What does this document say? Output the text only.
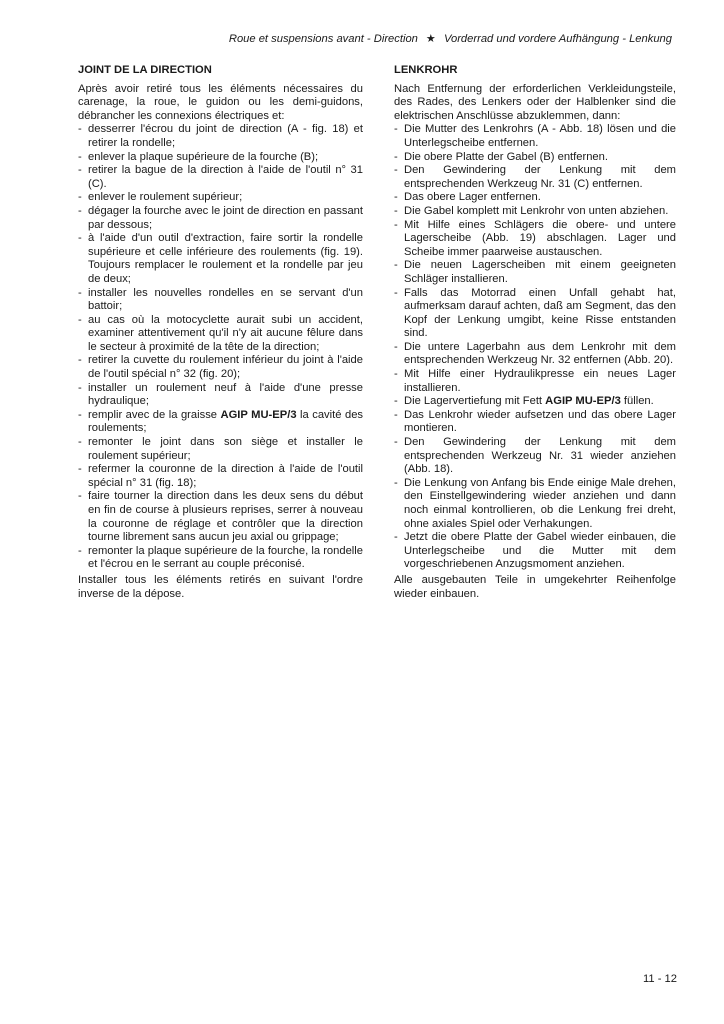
Roue et suspensions avant - Direction ★ Vorderrad und vordere Aufhängung - Lenkung
JOINT DE LA DIRECTION

Après avoir retiré tous les éléments nécessaires du carenage, la roue, le guidon ou les demi-guidons, débrancher les connexions électriques et:

- desserrer l'écrou du joint de direction (A - fig. 18) et retirer la rondelle;
- enlever la plaque supérieure de la fourche (B);
- retirer la bague de la direction à l'aide de l'outil n° 31 (C).
- enlever le roulement supérieur;
- dégager la fourche avec le joint de direction en passant par dessous;
- à l'aide d'un outil d'extraction, faire sortir la rondelle supérieure et celle inférieure des roulements (fig. 19). Toujours remplacer le roulement et la rondelle par jeu de deux;
- installer les nouvelles rondelles en se servant d'un battoir;
- au cas où la motocyclette aurait subi un accident, examiner attentivement qu'il n'y ait aucune fêlure dans le secteur à proximité de la tête de la direction;
- retirer la cuvette du roulement inférieur du joint à l'aide de l'outil spécial n° 32 (fig. 20);
- installer un roulement neuf à l'aide d'une presse hydraulique;
- remplir avec de la graisse AGIP MU-EP/3 la cavité des roulements;
- remonter le joint dans son siège et installer le roulement supérieur;
- refermer la couronne de la direction à l'aide de l'outil spécial n° 31 (fig. 18);
- faire tourner la direction dans les deux sens du début en fin de course à plusieurs reprises, serrer à nouveau la couronne de réglage et contrôler que la direction tourne librement sans aucun jeu axial ou grippage;
- remonter la plaque supérieure de la fourche, la rondelle et l'écrou en le serrant au couple préconisé.

Installer tous les éléments retirés en suivant l'ordre inverse de la dépose.

LENKROHR

Nach Entfernung der erforderlichen Verkleidungsteile, des Rades, des Lenkers oder der Halblenker sind die elektrischen Anschlüsse abzuklemmen, dann:

- Die Mutter des Lenkrohrs (A - Abb. 18) lösen und die Unterlegscheibe entfernen.
- Die obere Platte der Gabel (B) entfernen.
- Den Gewindering der Lenkung mit dem entsprechenden Werkzeug Nr. 31 (C) entfernen.
- Das obere Lager entfernen.
- Die Gabel komplett mit Lenkrohr von unten abziehen.
- Mit Hilfe eines Schlägers die obere- und untere Lagerscheibe (Abb. 19) abschlagen. Lager und Scheibe immer paarweise austauschen.
- Die neuen Lagerscheiben mit einem geeigneten Schläger installieren.
- Falls das Motorrad einen Unfall gehabt hat, aufmerksam darauf achten, daß am Segment, das den Kopf der Lenkung umgibt, keine Risse entstanden sind.
- Die untere Lagerbahn aus dem Lenkrohr mit dem entsprechenden Werkzeug Nr. 32 entfernen (Abb. 20).
- Mit Hilfe einer Hydraulikpresse ein neues Lager installieren.
- Die Lagervertiefung mit Fett AGIP MU-EP/3 füllen.
- Das Lenkrohr wieder aufsetzen und das obere Lager montieren.
- Den Gewindering der Lenkung mit dem entsprechenden Werkzeug Nr. 31 wieder anziehen (Abb. 18).
- Die Lenkung von Anfang bis Ende einige Male drehen, den Einstellgewindering wieder anziehen und dann noch einmal kontrollieren, ob die Lenkung frei dreht, ohne axiales Spiel oder Verhakungen.
- Jetzt die obere Platte der Gabel wieder einbauen, die Unterlegscheibe und die Mutter mit dem vorgeschriebenen Anzugsmoment anziehen.

Alle ausgebauten Teile in umgekehrter Reihenfolge wieder einbauen.

11 - 12
